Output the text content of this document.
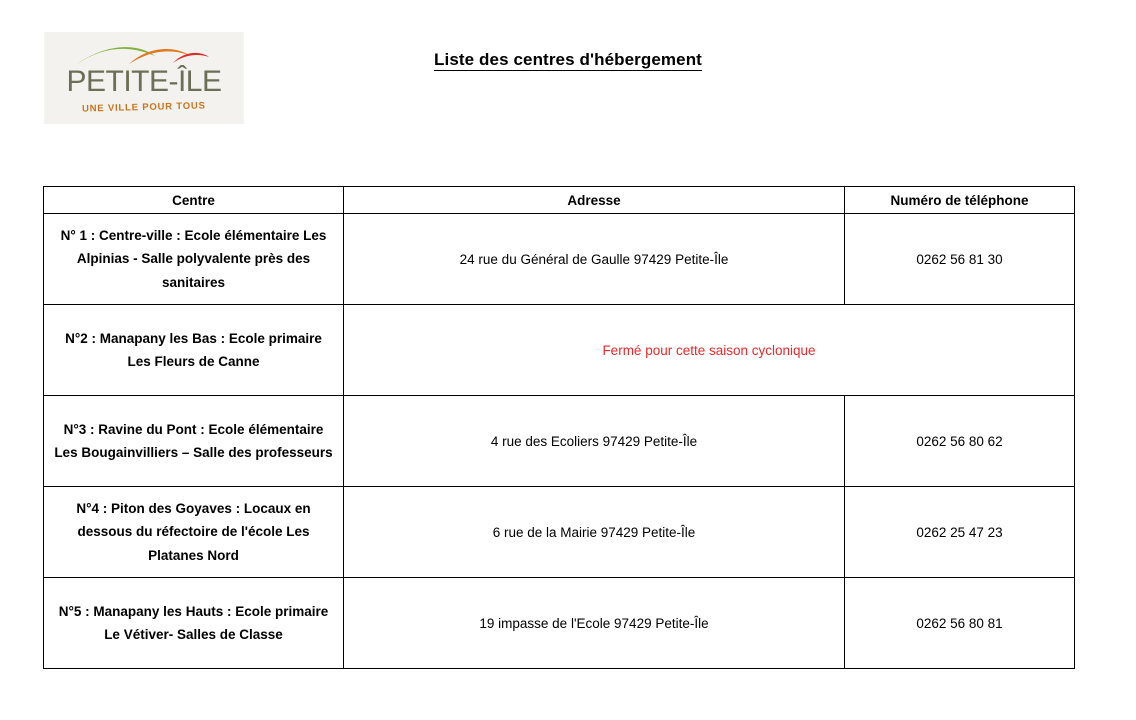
PETITE-ÎLE
UNE VILLE POUR TOUS
Liste des centres d'hébergement
Centre	Adresse	Numéro de téléphone
N° 1 : Centre-ville : Ecole élémentaire Les Alpinias - Salle polyvalente près des sanitaires	24 rue du Général de Gaulle 97429 Petite-Île	0262 56 81 30
N°2 : Manapany les Bas : Ecole primaire Les Fleurs de Canne	Fermé pour cette saison cyclonique	
N°3 : Ravine du Pont : Ecole élémentaire Les Bougainvilliers – Salle des professeurs	4 rue des Ecoliers 97429 Petite-Île	0262 56 80 62
N°4 : Piton des Goyaves : Locaux en dessous du réfectoire de l'école Les Platanes Nord	6 rue de la Mairie 97429 Petite-Île	0262 25 47 23
N°5 : Manapany les Hauts : Ecole primaire Le Vétiver- Salles de Classe	19 impasse de l'Ecole 97429 Petite-Île	0262 56 80 81
